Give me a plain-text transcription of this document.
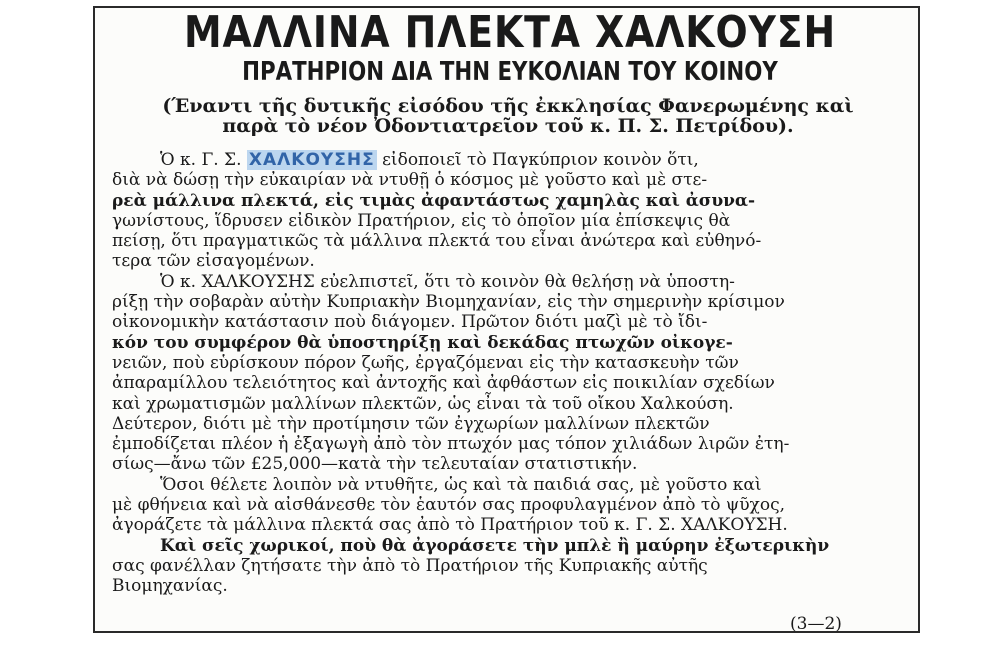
ΜΑΛΛΙΝΑ ΠΛΕΚΤΑ ΧΑΛΚΟΥΣΗ
ΠΡΑΤΗΡΙΟΝ ΔΙΑ ΤΗΝ ΕΥΚΟΛΙΑΝ ΤΟΥ ΚΟΙΝΟΥ
(Έναντι τῆς δυτικῆς εἰσόδου τῆς ἐκκλησίας Φανερωμένης καὶ
παρὰ τὸ νέον Ὀδοντιατρεῖον τοῦ κ. Π. Σ. Πετρίδου).
Ὁ κ. Γ. Σ. ΧΑΛΚΟΥΣΗΣ εἰδοποιεῖ τὸ Παγκύπριον κοινὸν ὅτι,
διὰ νὰ δώσῃ τὴν εὐκαιρίαν νὰ ντυθῇ ὁ κόσμος μὲ γοῦστο καὶ μὲ στε-
ρεὰ μάλλινα πλεκτά, εἰς τιμὰς ἀφαντάστως χαμηλὰς καὶ ἀσυνα-
γωνίστους, ἵδρυσεν εἰδικὸν Πρατήριον, εἰς τὸ ὁποῖον μία ἐπίσκεψις θὰ
πείσῃ, ὅτι πραγματικῶς τὰ μάλλινα πλεκτά του εἶναι ἀνώτερα καὶ εὐθηνό-
τερα τῶν εἰσαγομένων.
Ὁ κ. ΧΑΛΚΟΥΣΗΣ εὐελπιστεῖ, ὅτι τὸ κοινὸν θὰ θελήσῃ νὰ ὑποστη-
ρίξῃ τὴν σοβαρὰν αὐτὴν Κυπριακὴν Βιομηχανίαν, εἰς τὴν σημερινὴν κρίσιμον
οἰκονομικὴν κατάστασιν ποὺ διάγομεν. Πρῶτον διότι μαζὶ μὲ τὸ ἴδι-
κόν του συμφέρον θὰ ὑποστηρίξῃ καὶ δεκάδας πτωχῶν οἰκογε-
νειῶν, ποὺ εὑρίσκουν πόρον ζωῆς, ἐργαζόμεναι εἰς τὴν κατασκευὴν τῶν
ἀπαραμίλλου τελειότητος καὶ ἀντοχῆς καὶ ἀφθάστων εἰς ποικιλίαν σχεδίων
καὶ χρωματισμῶν μαλλίνων πλεκτῶν, ὡς εἶναι τὰ τοῦ οἴκου Χαλκούση.
Δεύτερον, διότι μὲ τὴν προτίμησιν τῶν ἐγχωρίων μαλλίνων πλεκτῶν
ἐμποδίζεται πλέον ἡ ἐξαγωγὴ ἀπὸ τὸν πτωχόν μας τόπον χιλιάδων λιρῶν ἐτη-
σίως—ἄνω τῶν £25,000—κατὰ τὴν τελευταίαν στατιστικήν.
Ὅσοι θέλετε λοιπὸν νὰ ντυθῆτε, ὡς καὶ τὰ παιδιά σας, μὲ γοῦστο καὶ
μὲ φθήνεια καὶ νὰ αἰσθάνεσθε τὸν ἑαυτόν σας προφυλαγμένον ἀπὸ τὸ ψῦχος,
ἀγοράζετε τὰ μάλλινα πλεκτά σας ἀπὸ τὸ Πρατήριον τοῦ κ. Γ. Σ. ΧΑΛΚΟΥΣΗ.
Καὶ σεῖς χωρικοί, ποὺ θὰ ἀγοράσετε τὴν μπλὲ ἢ μαύρην ἐξωτερικὴν
σας φανέλλαν ζητήσατε τὴν ἀπὸ τὸ Πρατήριον τῆς Κυπριακῆς αὐτῆς
Βιομηχανίας.
(3—2)
